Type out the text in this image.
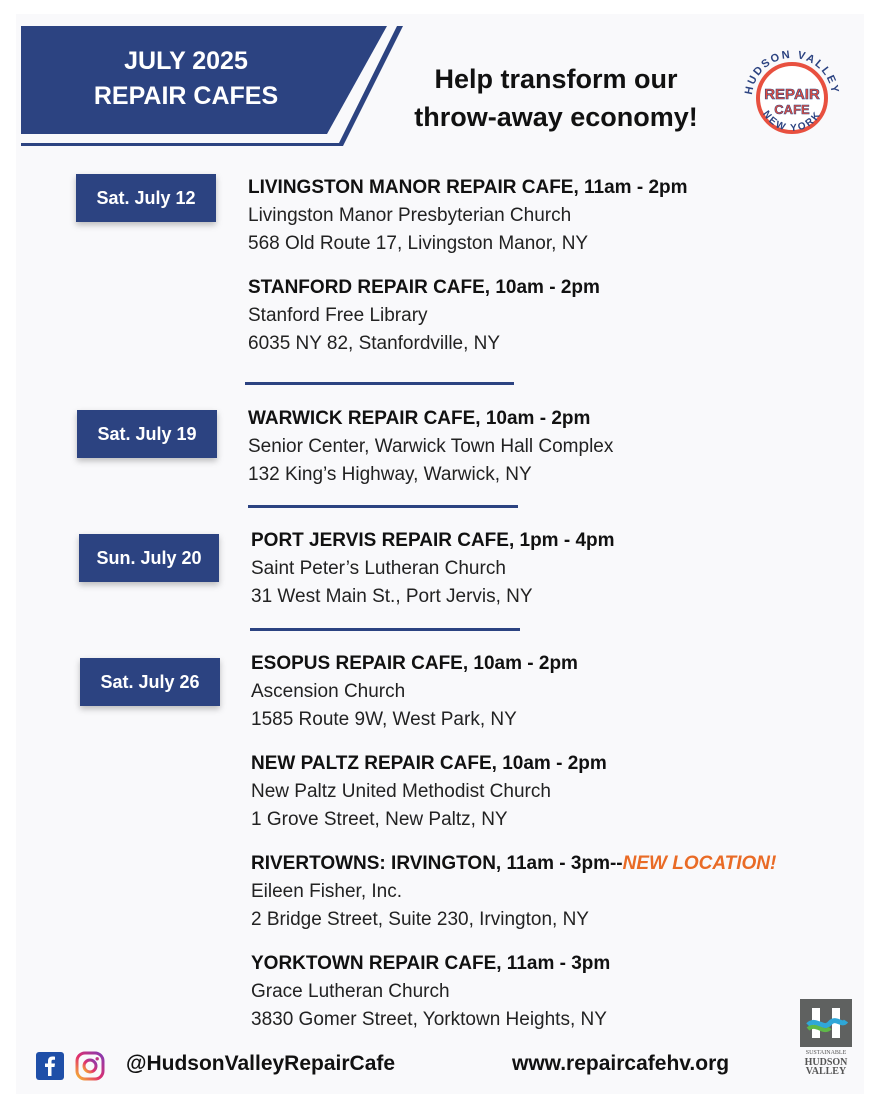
JULY 2025
REPAIR CAFES
Help transform our
throw-away economy!
HUDSON VALLEY
REPAIR
CAFE
NEW YORK
Sat. July 12
Sat. July 19
Sun. July 20
Sat. July 26
LIVINGSTON MANOR REPAIR CAFE, 11am - 2pm
Livingston Manor Presbyterian Church
568 Old Route 17, Livingston Manor, NY
STANFORD REPAIR CAFE, 10am - 2pm
Stanford Free Library
6035 NY 82, Stanfordville, NY
WARWICK REPAIR CAFE, 10am - 2pm
Senior Center, Warwick Town Hall Complex
132 King’s Highway, Warwick, NY
PORT JERVIS REPAIR CAFE, 1pm - 4pm
Saint Peter’s Lutheran Church
31 West Main St., Port Jervis, NY
ESOPUS REPAIR CAFE, 10am - 2pm
Ascension Church
1585 Route 9W, West Park, NY
NEW PALTZ REPAIR CAFE, 10am - 2pm
New Paltz United Methodist Church
1 Grove Street, New Paltz, NY
RIVERTOWNS: IRVINGTON, 11am - 3pm--NEW LOCATION!
Eileen Fisher, Inc.
2 Bridge Street, Suite 230, Irvington, NY
YORKTOWN REPAIR CAFE, 11am - 3pm
Grace Lutheran Church
3830 Gomer Street, Yorktown Heights, NY
SUSTAINABLE
HUDSON
VALLEY
@HudsonValleyRepairCafe	www.repaircafehv.org
